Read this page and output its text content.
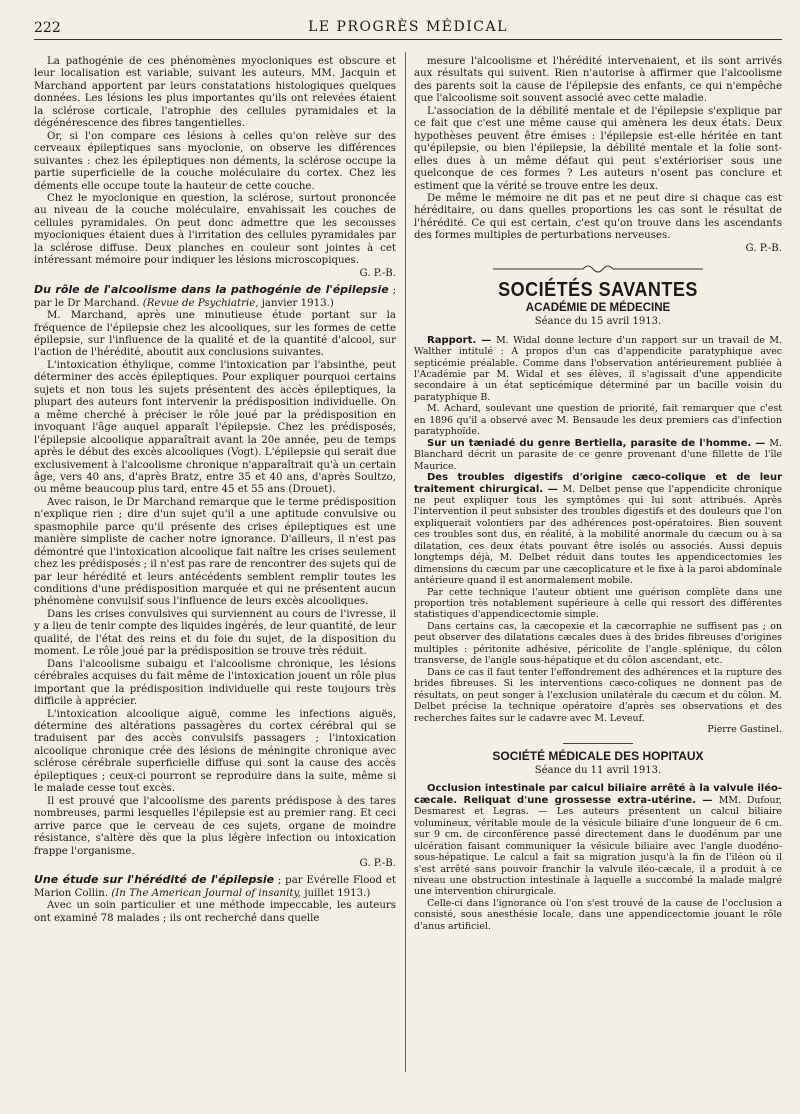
222	LE PROGRÈS MÉDICAL

La pathogénie de ces phénomènes myocloniques est obscure et leur localisation est variable, suivant les auteurs. MM. Jacquin et Marchand apportent par leurs constatations histologiques quelques données. Les lésions les plus importantes qu'ils ont relevées étaient la sclérose corticale, l'atrophie des cellules pyramidales et la dégénérescence des fibres tangentielles.

Or, si l'on compare ces lésions à celles qu'on relève sur des cerveaux épileptiques sans myoclonie, on observe les différences suivantes : chez les épileptiques non déments, la sclérose occupe la partie superficielle de la couche moléculaire du cortex. Chez les déments elle occupe toute la hauteur de cette couche.

Chez le myoclonique en question, la sclérose, surtout prononcée au niveau de la couche moléculaire, envahissait les couches de cellules pyramidales. On peut donc admettre que les secousses myocloniques étaient dues à l'irritation des cellules pyramidales par la sclérose diffuse. Deux planches en couleur sont jointes à cet intéressant mémoire pour indiquer les lésions microscopiques.

G. P.-B.

Du rôle de l'alcoolisme dans la pathogénie de l'épilepsie ; par le Dr Marchand. (Revue de Psychiatrie, janvier 1913.)

M. Marchand, après une minutieuse étude portant sur la fréquence de l'épilepsie chez les alcooliques, sur les formes de cette épilepsie, sur l'influence de la qualité et de la quantité d'alcool, sur l'action de l'hérédité, aboutit aux conclusions suivantes.

L'intoxication éthylique, comme l'intoxication par l'absinthe, peut déterminer des accès épileptiques. Pour expliquer pourquoi certains sujets et non tous les sujets présentent des accès épileptiques, la plupart des auteurs font intervenir la prédisposition individuelle. On a même cherché à préciser le rôle joué par la prédisposition en invoquant l'âge auquel apparaît l'épilepsie. Chez les prédisposés, l'épilepsie alcoolique apparaîtrait avant la 20e année, peu de temps après le début des excès alcooliques (Vogt). L'épilepsie qui serait due exclusivement à l'alcoolisme chronique n'apparaîtrait qu'à un certain âge, vers 40 ans, d'après Bratz, entre 35 et 40 ans, d'après Soultzo, ou même beaucoup plus tard, entre 45 et 55 ans (Drouet).

Avec raison, le Dr Marchand remarque que le terme prédisposition n'explique rien ; dire d'un sujet qu'il a une aptitude convulsive ou spasmophile parce qu'il présente des crises épileptiques est une manière simpliste de cacher notre ignorance. D'ailleurs, il n'est pas démontré que l'intoxication alcoolique fait naître les crises seulement chez les prédisposés ; il n'est pas rare de rencontrer des sujets qui de par leur hérédité et leurs antécédents semblent remplir toutes les conditions d'une prédisposition marquée et qui ne présentent aucun phénomène convulsif sous l'influence de leurs excès alcooliques.

Dans les crises convulsives qui surviennent au cours de l'ivresse, il y a lieu de tenir compte des liquides ingérés, de leur quantité, de leur qualité, de l'état des reins et du foie du sujet, de la disposition du moment. Le rôle joué par la prédisposition se trouve très réduit.

Dans l'alcoolisme subaigu et l'alcoolisme chronique, les lésions cérébrales acquises du fait même de l'intoxication jouent un rôle plus important que la prédisposition individuelle qui reste toujours très difficile à apprécier.

L'intoxication alcoolique aiguë, comme les infections aiguës, détermine des altérations passagères du cortex cérébral qui se traduisent par des accès convulsifs passagers ; l'intoxication alcoolique chronique crée des lésions de méningite chronique avec sclérose cérébrale superficielle diffuse qui sont la cause des accès épileptiques ; ceux-ci pourront se reproduire dans la suite, même si le malade cesse tout excès.

Il est prouvé que l'alcoolisme des parents prédispose à des tares nombreuses, parmi lesquelles l'épilepsie est au premier rang. Et ceci arrive parce que le cerveau de ces sujets, organe de moindre résistance, s'altère dès que la plus légère infection ou intoxication frappe l'organisme.

G. P.-B.

Une étude sur l'hérédité de l'épilepsie ; par Evérelle Flood et Marion Collin. (In The American Journal of insanity, juillet 1913.)

Avec un soin particulier et une méthode impeccable, les auteurs ont examiné 78 malades ; ils ont recherché dans quelle

mesure l'alcoolisme et l'hérédité intervenaient, et ils sont arrivés aux résultats qui suivent. Rien n'autorise à affirmer que l'alcoolisme des parents soit la cause de l'épilepsie des enfants, ce qui n'empêche que l'alcoolisme soit souvent associé avec cette maladie.

L'association de la débilité mentale et de l'épilepsie s'explique par ce fait que c'est une même cause qui amènera les deux états. Deux hypothèses peuvent être émises : l'épilepsie est-elle héritée en tant qu'épilepsie, ou bien l'épilepsie, la débilité mentale et la folie sont-elles dues à un même défaut qui peut s'extérioriser sous une quelconque de ces formes ? Les auteurs n'osent pas conclure et estiment que la vérité se trouve entre les deux.

De même le mémoire ne dit pas et ne peut dire si chaque cas est héréditaire, ou dans quelles proportions les cas sont le résultat de l'hérédité. Ce qui est certain, c'est qu'on trouve dans les ascendants des formes multiples de perturbations nerveuses.

G. P.-B.

SOCIÉTÉS SAVANTES
ACADÉMIE DE MÉDECINE
Séance du 15 avril 1913.

Rapport. — M. Widal donne lecture d'un rapport sur un travail de M. Walther intitulé : A propos d'un cas d'appendicite paratyphique avec septicémie préalable. Comme dans l'observation antérieurement publiée à l'Académie par M. Widal et ses élèves, il s'agissait d'une appendicite secondaire à un état septicémique déterminé par un bacille voisin du paratyphique B.

M. Achard, soulevant une question de priorité, fait remarquer que c'est en 1896 qu'il a observé avec M. Bensaude les deux premiers cas d'infection paratyphoïde.

Sur un tæniadé du genre Bertiella, parasite de l'homme. — M. Blanchard décrit un parasite de ce genre provenant d'une fillette de l'île Maurice.

Des troubles digestifs d'origine cæco-colique et de leur traitement chirurgical. — M. Delbet pense que l'appendicite chronique ne peut expliquer tous les symptômes qui lui sont attribués. Après l'intervention il peut subsister des troubles digestifs et des douleurs que l'on expliquerait volontiers par des adhérences post-opératoires. Bien souvent ces troubles sont dus, en réalité, à la mobilité anormale du cæcum ou à sa dilatation, ces deux états pouvant être isolés ou associés. Aussi depuis longtemps déjà, M. Delbet réduit dans toutes les appendicectomies les dimensions du cæcum par une cæcoplicature et le fixe à la paroi abdominale antérieure quand il est anormalement mobile.

Par cette technique l'auteur obtient une guérison complète dans une proportion très notablement supérieure à celle qui ressort des différentes statistiques d'appendicectomie simple.

Dans certains cas, la cæcopexie et la cæcorraphie ne suffisent pas ; on peut observer des dilatations cæcales dues à des brides fibreuses d'origines multiples : péritonite adhésive, péricolite de l'angle splénique, du côlon transverse, de l'angle sous-hépatique et du côlon ascendant, etc.

Dans ce cas il faut tenter l'effondrement des adhérences et la rupture des brides fibreuses. Si les interventions cæco-coliques ne donnent pas de résultats, on peut songer à l'exclusion unilatérale du cæcum et du côlon. M. Delbet précise la technique opératoire d'après ses observations et des recherches faites sur le cadavre avec M. Leveuf.

Pierre Gastinel.

SOCIÉTÉ MÉDICALE DES HOPITAUX
Séance du 11 avril 1913.

Occlusion intestinale par calcul biliaire arrêté à la valvule iléo-cæcale. Reliquat d'une grossesse extra-utérine. — MM. Dufour, Desmarest et Legras. — Les auteurs présentent un calcul biliaire volumineux, véritable moule de la vésicule biliaire d'une longueur de 6 cm. sur 9 cm. de circonférence passé directement dans le duodénum par une ulcération faisant communiquer la vésicule biliaire avec l'angle duodéno-sous-hépatique. Le calcul a fait sa migration jusqu'à la fin de l'iléon où il s'est arrêté sans pouvoir franchir la valvule iléo-cæcale, il a produit à ce niveau une obstruction intestinale à laquelle a succombé la malade malgré une intervention chirurgicale.

Celle-ci dans l'ignorance où l'on s'est trouvé de la cause de l'occlusion a consisté, sous anesthésie locale, dans une appendicectomie jouant le rôle d'anus artificiel.
